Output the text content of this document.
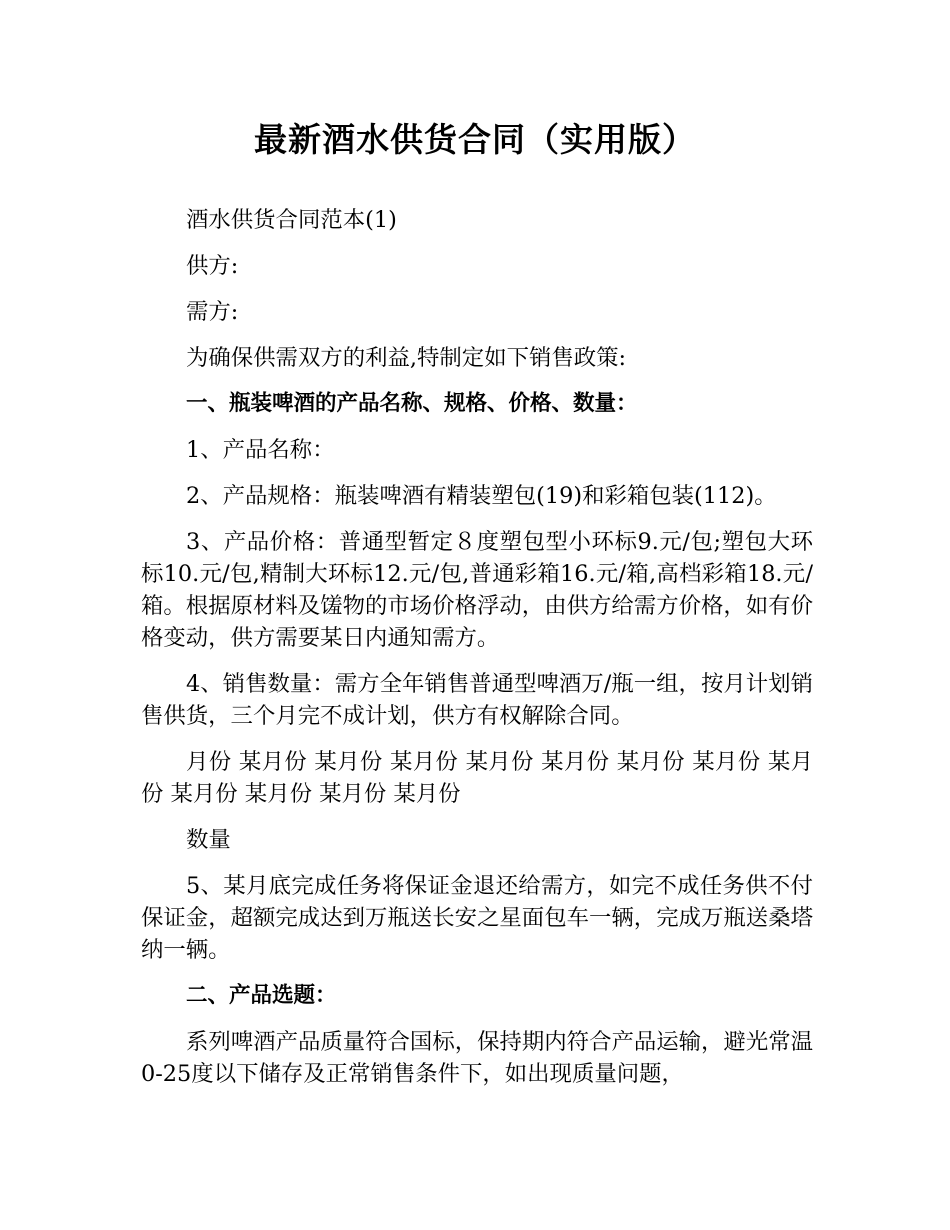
最新酒水供货合同（实用版）

酒水供货合同范本(1)

供方:

需方:

为确保供需双方的利益,特制定如下销售政策:

一、瓶装啤酒的产品名称、规格、价格、数量：

1、产品名称：

2、产品规格：瓶装啤酒有精装塑包(19)和彩箱包装(112)。

3、产品价格：普通型暂定８度塑包型小环标9.元/包;塑包大环标10.元/包,精制大环标12.元/包,普通彩箱16.元/箱,高档彩箱18.元/箱。根据原材料及馐物的市场价格浮动，由供方给需方价格，如有价格变动，供方需要某日内通知需方。

4、销售数量：需方全年销售普通型啤酒万/瓶一组，按月计划销售供货，三个月完不成计划，供方有权解除合同。

月份 某月份 某月份 某月份 某月份 某月份 某月份 某月份 某月份 某月份 某月份 某月份 某月份

数量

5、某月底完成任务将保证金退还给需方，如完不成任务供不付保证金，超额完成达到万瓶送长安之星面包车一辆，完成万瓶送桑塔纳一辆。

二、产品选题：

系列啤酒产品质量符合国标，保持期内符合产品运输，避光常温0-25度以下储存及正常销售条件下，如出现质量问题，
